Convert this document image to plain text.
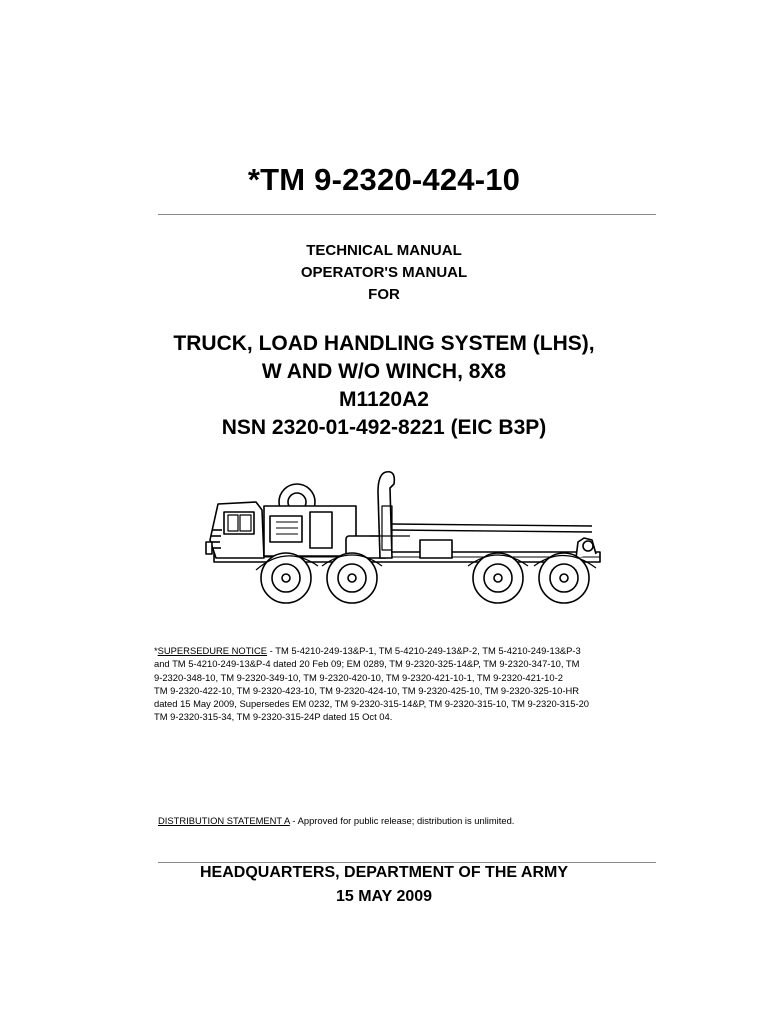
*TM 9-2320-424-10
TECHNICAL MANUAL
OPERATOR'S MANUAL
FOR
TRUCK, LOAD HANDLING SYSTEM (LHS),
W AND W/O WINCH, 8X8
M1120A2
NSN 2320-01-492-8221 (EIC B3P)

*SUPERSEDURE NOTICE - TM 5-4210-249-13&P-1, TM 5-4210-249-13&P-2, TM 5-4210-249-13&P-3

and TM 5-4210-249-13&P-4 dated 20 Feb 09; EM 0289, TM 9-2320-325-14&P, TM 9-2320-347-10, TM

9-2320-348-10, TM 9-2320-349-10, TM 9-2320-420-10, TM 9-2320-421-10-1, TM 9-2320-421-10-2

TM 9-2320-422-10, TM 9-2320-423-10, TM 9-2320-424-10, TM 9-2320-425-10, TM 9-2320-325-10-HR

dated 15 May 2009, Supersedes EM 0232, TM 9-2320-315-14&P, TM 9-2320-315-10, TM 9-2320-315-20

TM 9-2320-315-34, TM 9-2320-315-24P dated 15 Oct 04.

DISTRIBUTION STATEMENT A - Approved for public release; distribution is unlimited.
HEADQUARTERS, DEPARTMENT OF THE ARMY
15 MAY 2009
